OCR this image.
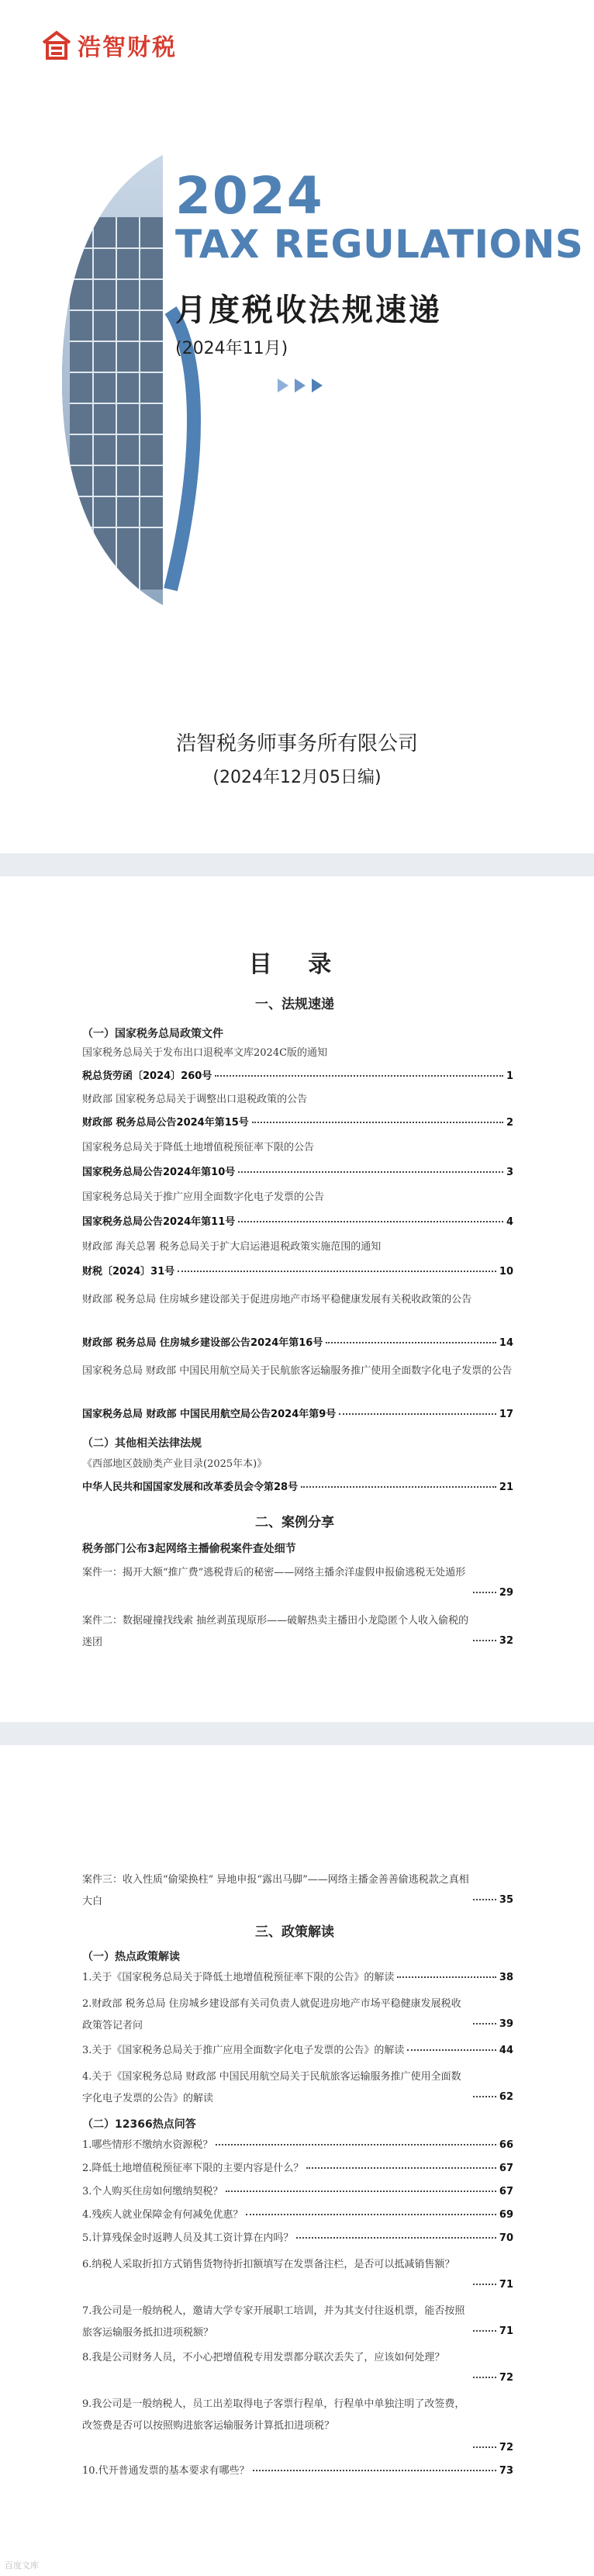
浩智财税
2024
TAX REGULATIONS
月度税收法规速递
(2024年11月)
浩智税务师事务所有限公司
(2024年12月05日编)
目 录
一、法规速递
（一）国家税务总局政策文件
国家税务总局关于发布出口退税率文库2024C版的通知
税总货劳函〔2024〕260号	1
财政部 国家税务总局关于调整出口退税政策的公告
财政部 税务总局公告2024年第15号	2
国家税务总局关于降低土地增值税预征率下限的公告
国家税务总局公告2024年第10号	3
国家税务总局关于推广应用全面数字化电子发票的公告
国家税务总局公告2024年第11号	4
财政部 海关总署 税务总局关于扩大启运港退税政策实施范围的通知
财税〔2024〕31号	10
财政部 税务总局 住房城乡建设部关于促进房地产市场平稳健康发展有关税收政策的公告
财政部 税务总局 住房城乡建设部公告2024年第16号	14
国家税务总局 财政部 中国民用航空局关于民航旅客运输服务推广使用全面数字化电子发票的公告
国家税务总局 财政部 中国民用航空局公告2024年第9号	17
（二）其他相关法律法规
《西部地区鼓励类产业目录(2025年本)》
中华人民共和国国家发展和改革委员会令第28号	21
二、案例分享
税务部门公布3起网络主播偷税案件查处细节
案件一：揭开大额“推广费”逃税背后的秘密——网络主播余洋虚假申报偷逃税无处遁形
29
案件二：数据碰撞找线索 抽丝剥茧现原形——破解热卖主播田小龙隐匿个人收入偷税的迷团	32
案件三：收入性质“偷梁换柱” 异地申报“露出马脚”——网络主播金善善偷逃税款之真相大白	35
三、政策解读
（一）热点政策解读
1.关于《国家税务总局关于降低土地增值税预征率下限的公告》的解读	38
2.财政部 税务总局 住房城乡建设部有关司负责人就促进房地产市场平稳健康发展税收政策答记者问	39
3.关于《国家税务总局关于推广应用全面数字化电子发票的公告》的解读	44
4.关于《国家税务总局 财政部 中国民用航空局关于民航旅客运输服务推广使用全面数字化电子发票的公告》的解读	62
（二）12366热点问答
1.哪些情形不缴纳水资源税？	66
2.降低土地增值税预征率下限的主要内容是什么？	67
3.个人购买住房如何缴纳契税？	67
4.残疾人就业保障金有何减免优惠？	69
5.计算残保金时返聘人员及其工资计算在内吗？	70
6.纳税人采取折扣方式销售货物待折扣额填写在发票备注栏，是否可以抵减销售额？
71
7.我公司是一般纳税人，邀请大学专家开展职工培训，并为其支付往返机票，能否按照旅客运输服务抵扣进项税额？	71
8.我是公司财务人员，不小心把增值税专用发票都分联次丢失了，应该如何处理？
72
9.我公司是一般纳税人，员工出差取得电子客票行程单，行程单中单独注明了改签费，改签费是否可以按照购进旅客运输服务计算抵扣进项税？
72
10.代开普通发票的基本要求有哪些？	73
百度文库
